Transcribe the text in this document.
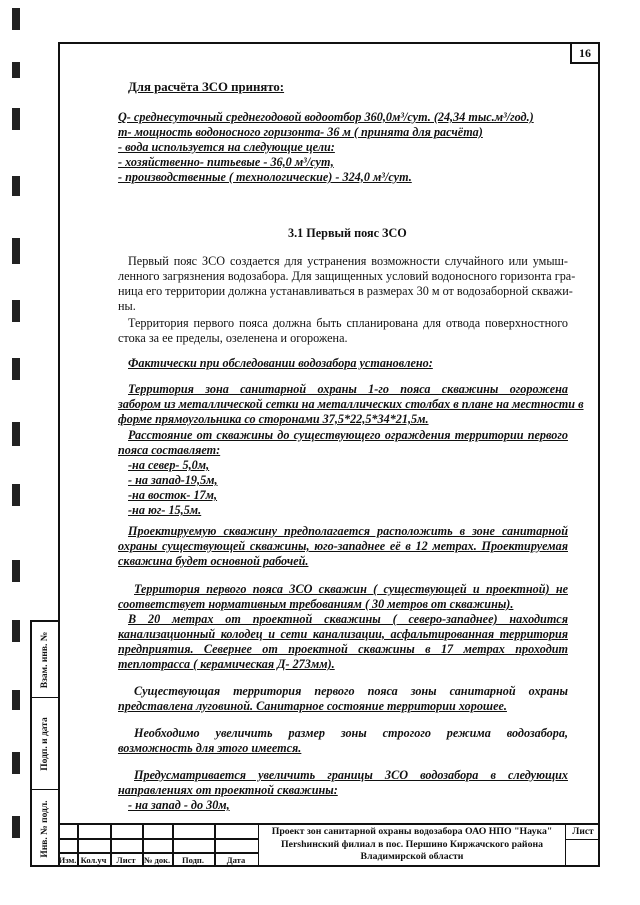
16
Взам. инв. №
Подп. и дата
Инв. № подл.
Для расчёта ЗСО принято:
Q- среднесуточный среднегодовой водоотбор 360,0м³/сут. (24,34 тыс.м³/год.)
m- мощность водоносного горизонта- 36 м ( принята для расчёта)
- вода используется на следующие цели:
- хозяйственно- питьевые - 36,0 м³/сут,
- производственные ( технологические) - 324,0 м³/сут.
3.1 Первый пояс ЗСО
Первый пояс ЗСО создается для устранения возможности случайного или умыш-
ленного загрязнения водозабора. Для защищенных условий водоносного горизонта гра-
ница его территории должна устанавливаться в размерах 30 м от водозаборной скважи-
ны.
Территория первого пояса должна быть спланирована для отвода поверхностного
стока за ее пределы, озеленена и огорожена.
Фактически при обследовании водозабора установлено:
Территория зона санитарной охраны 1-го пояса скважины огорожена
забором из металлической сетки на металлических столбах в плане на местности в
форме прямоугольника со сторонами 37,5*22,5*34*21,5м.
Расстояние от скважины до существующего ограждения территории первого
пояса составляет:
-на север- 5,0м,
- на запад-19,5м,
-на восток- 17м,
-на юг- 15,5м.
Проектируемую скважину предполагается расположить в зоне санитарной
охраны существующей скважины, юго-западнее её в 12 метрах. Проектируемая
скважина будет основной рабочей.
Территория первого пояса ЗСО скважин ( существующей и проектной) не
соответствует нормативным требованиям ( 30 метров от скважины).
В 20 метрах от проектной скважины ( северо-западнее) находится
канализационный колодец и сети канализации, асфальтированная территория
предприятия. Севернее от проектной скважины в 17 метрах проходит
теплотрасса ( керамическая Д- 273мм).
Существующая территория первого пояса зоны санитарной охраны
представлена луговиной. Санитарное состояние территории хорошее.
Необходимо увеличить размер зоны строгого режима водозабора,
возможность для этого имеется.
Предусматривается увеличить границы ЗСО водозабора в следующих
направлениях от проектной скважины:
- на запад - до 30м,
Изм. Кол.уч	Лист № док.	Подп.	Дата
Проект зон санитарной охраны водозабора ОАО НПО "Наука"
Пershинский филиал в пос. Першино Киржачского района
Владимирской области
Лист
